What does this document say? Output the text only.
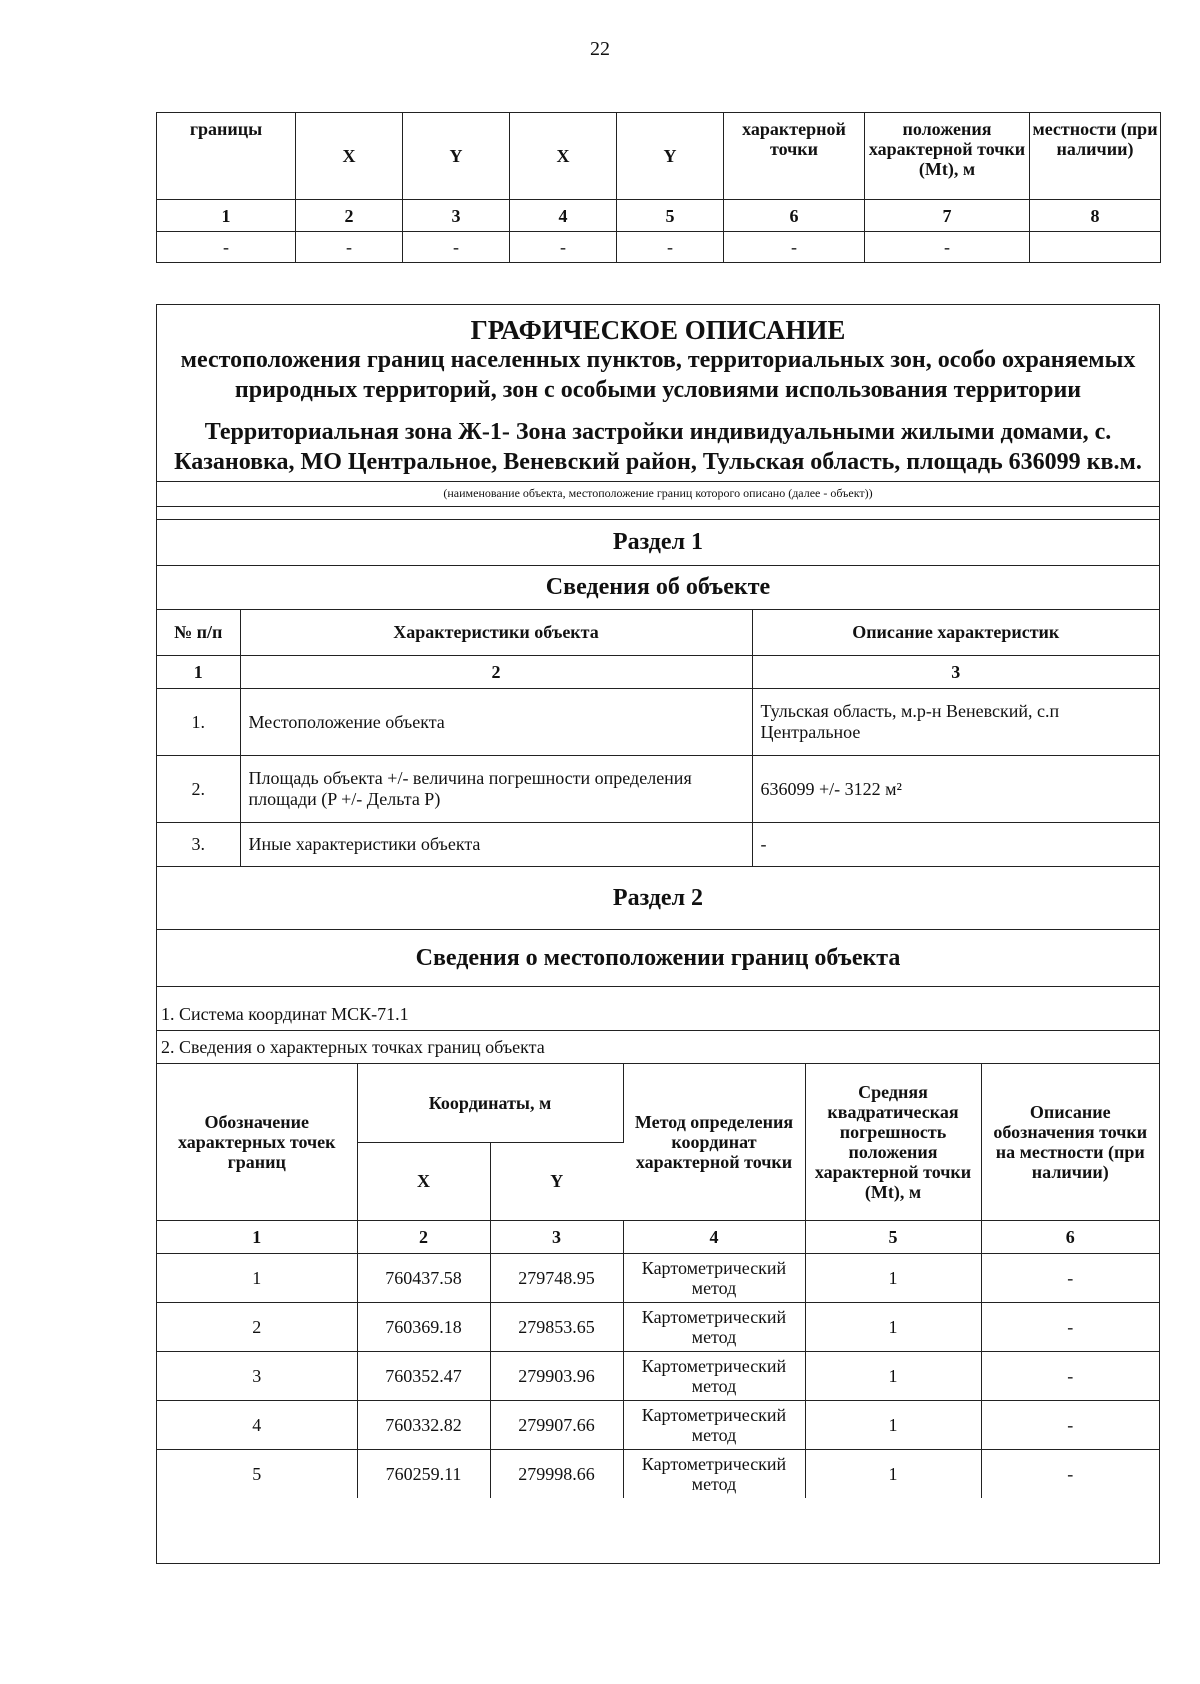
22
границы	X	Y	X	Y	характерной точки	положения характерной точки (Mt), м	местности (при наличии)
1	2	3	4	5	6	7	8
-	-	-	-	-	-	-	
ГРАФИЧЕСКОЕ ОПИСАНИЕ
местоположения границ населенных пунктов, территориальных зон, особо охраняемых природных территорий, зон с особыми условиями использования территории
Территориальная зона Ж-1- Зона застройки индивидуальными жилыми домами, с. Казановка, МО Центральное, Веневский район, Тульская область, площадь 636099 кв.м.
(наименование объекта, местоположение границ которого описано (далее - объект))
Раздел 1
Сведения об объекте
№ п/п	Характеристики объекта	Описание характеристик
1	2	3
1.	Местоположение объекта	Тульская область, м.р-н Веневский, с.п Центральное
2.	Площадь объекта +/- величина погрешности определения площади (P +/- Дельта P)	636099 +/- 3122 м²
3.	Иные характеристики объекта	-
Раздел 2
Сведения о местоположении границ объекта
1. Система координат МСК-71.1
2. Сведения о характерных точках границ объекта
Обозначение характерных точек границ	Координаты, м		Метод определения координат характерной точки	Средняя квадратическая погрешность положения характерной точки (Mt), м	Описание обозначения точки на местности (при наличии)
	X	Y			
1	2	3	4	5	6
1	760437.58	279748.95	Картометрический метод	1	-
2	760369.18	279853.65	Картометрический метод	1	-
3	760352.47	279903.96	Картометрический метод	1	-
4	760332.82	279907.66	Картометрический метод	1	-
5	760259.11	279998.66	Картометрический метод	1	-
